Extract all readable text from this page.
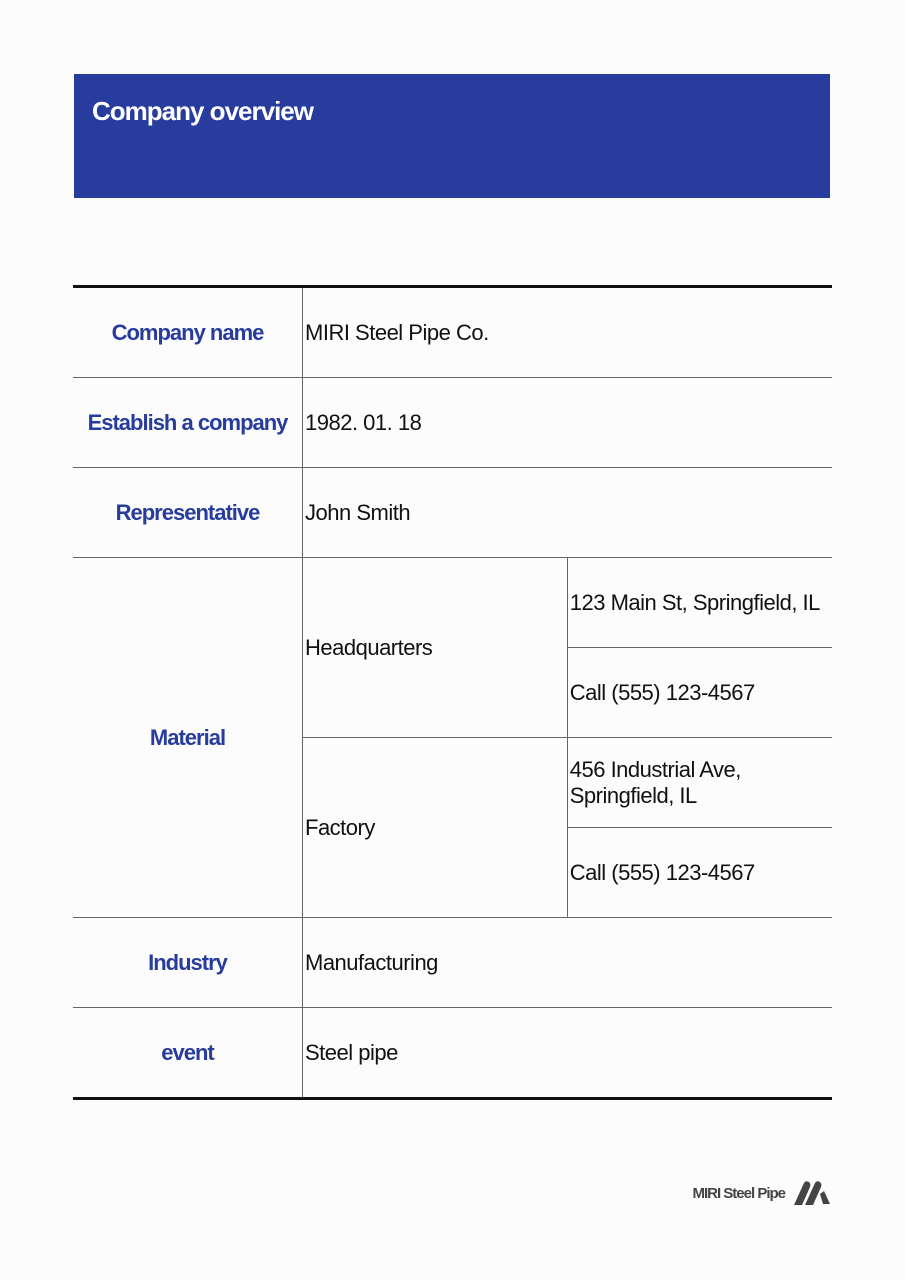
Company overview
Company name	MIRI Steel Pipe Co.	
Establish a company	1982. 01. 18	
Representative	John Smith	
Material	Headquarters	123 Main St, Springfield, IL
		Call (555) 123-4567
	Factory	456 Industrial Ave, Springfield, IL
		Call (555) 123-4567
Industry	Manufacturing	
event	Steel pipe	
MIRI Steel Pipe
